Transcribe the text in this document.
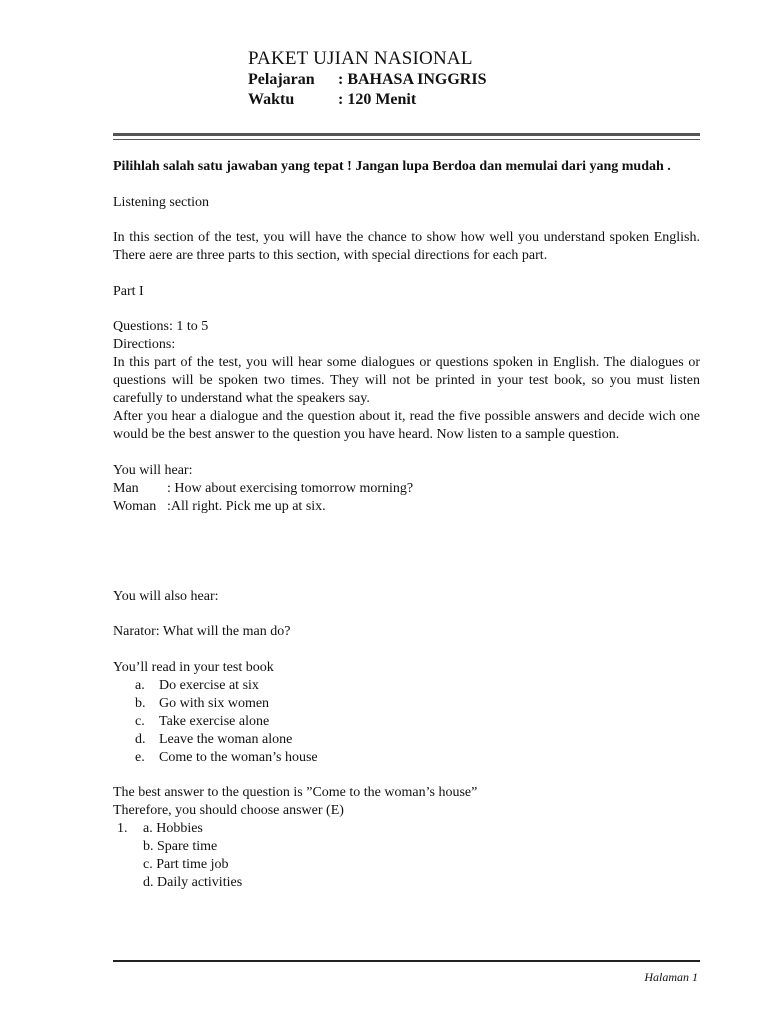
PAKET UJIAN NASIONAL
Pelajaran	: BAHASA INGGRIS
Waktu	: 120 Menit

Pilihlah salah satu jawaban yang tepat ! Jangan lupa Berdoa dan memulai dari yang mudah .

Listening section

In this section of the test, you will have the chance to show how well you understand spoken English. There aere are three parts to this section, with special directions for each part.

Part I

Questions: 1 to 5

Directions:

In this part of the test, you will hear some dialogues or questions spoken in English. The dialogues or questions will be spoken two times. They will not be printed in your test book, so you must listen carefully to understand what the speakers say.

After you hear a dialogue and the question about it, read the five possible answers and decide wich one would be the best answer to the question you have heard. Now listen to a sample question.

You will hear:

Man	: How about exercising tomorrow morning?
Woman :All right. Pick me up at six.

You will also hear:

Narator: What will the man do?

You’ll read in your test book

a.	Do exercise at six
b. Go with six women
c.	Take exercise alone
d. Leave the woman alone
e.	Come to the woman’s house

The best answer to the question is ”Come to the woman’s house”

Therefore, you should choose answer (E)

1.	a. Hobbies
b. Spare time
c. Part time job
d. Daily activities
Halaman 1
